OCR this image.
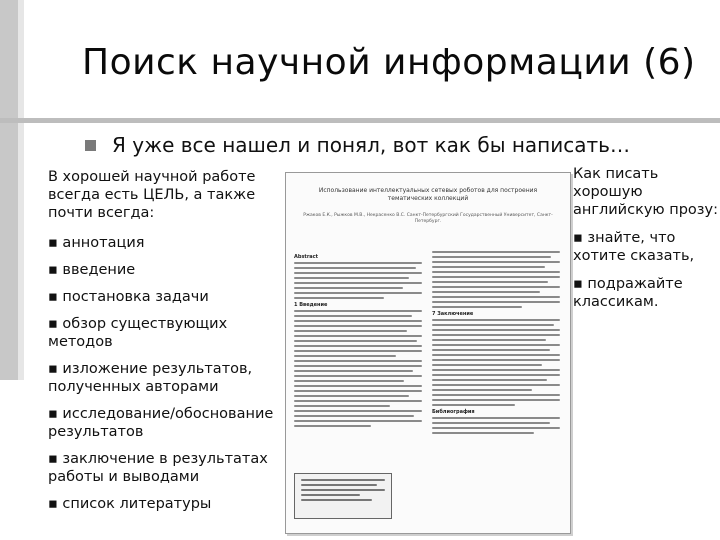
Поиск научной информации (6)
Я уже все нашел и понял, вот как бы написать…
В хорошей научной работе всегда есть ЦЕЛЬ, а также почти всегда:
▪ аннотация
▪ введение
▪ постановка задачи
▪ обзор существующих методов
▪ изложение результатов, полученных авторами
▪ исследование/обоснование результатов
▪ заключение в результатах работы и выводами
▪ список литературы
Использование интеллектуальных сетевых роботов для построения тематических коллекций
Ржаков Е.К., Рыжков М.В., Некрасенко В.С. Санкт-Петербургский Государственный Университет, Санкт-Петербург.
Abstract
1 Введение
7 Заключение
Библиография
Как писать хорошую английскую прозу:
▪ знайте, что хотите сказать,
▪ подражайте классикам.
